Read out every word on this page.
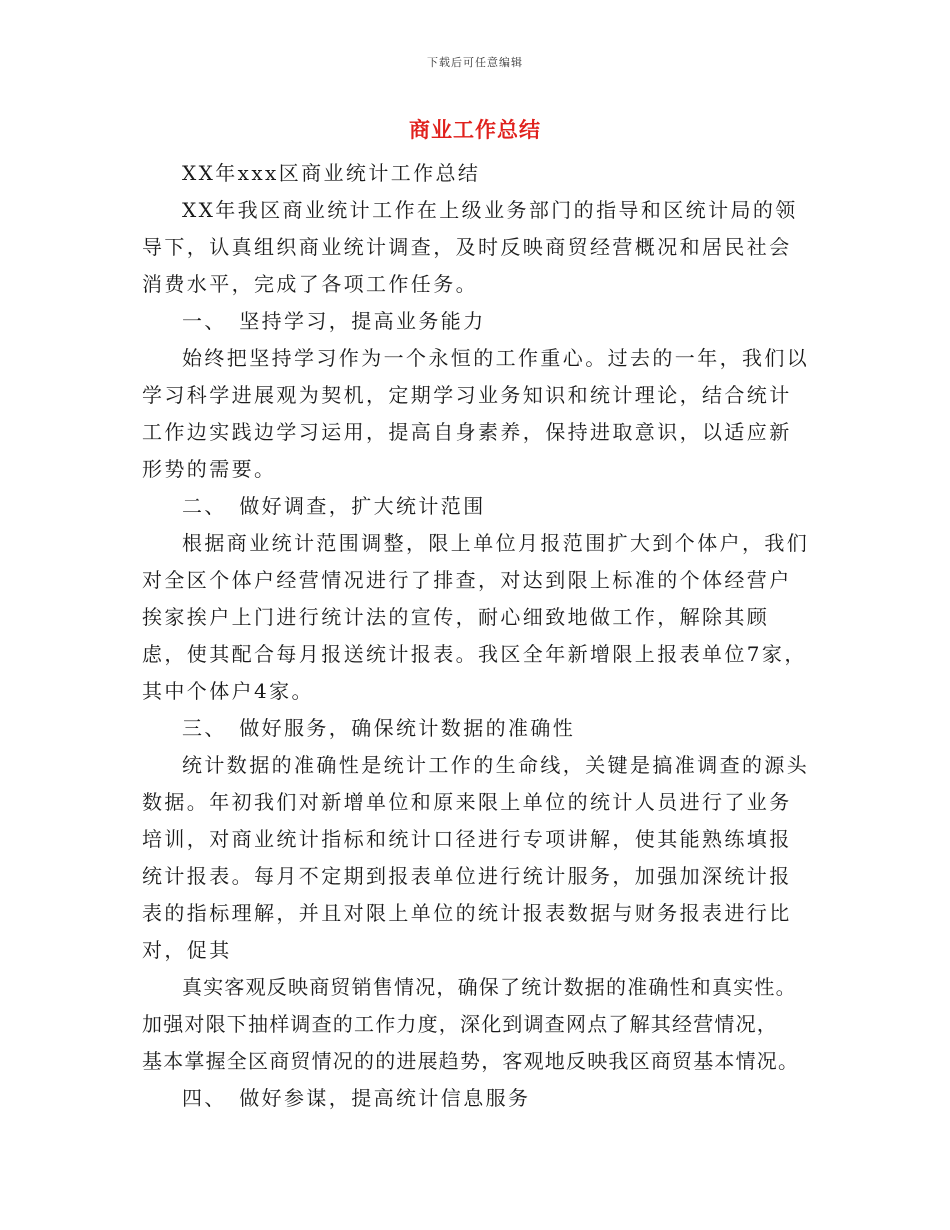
下载后可任意编辑
商业工作总结

XX年xxx区商业统计工作总结

XX年我区商业统计工作在上级业务部门的指导和区统计局的领导下，认真组织商业统计调查，及时反映商贸经营概况和居民社会消费水平，完成了各项工作任务。

一、　坚持学习，提高业务能力

始终把坚持学习作为一个永恒的工作重心。过去的一年，我们以学习科学进展观为契机，定期学习业务知识和统计理论，结合统计工作边实践边学习运用，提高自身素养，保持进取意识，以适应新形势的需要。

二、　做好调查，扩大统计范围

根据商业统计范围调整，限上单位月报范围扩大到个体户，我们对全区个体户经营情况进行了排查，对达到限上标准的个体经营户挨家挨户上门进行统计法的宣传，耐心细致地做工作，解除其顾虑，使其配合每月报送统计报表。我区全年新增限上报表单位7家，其中个体户4家。

三、　做好服务，确保统计数据的准确性

统计数据的准确性是统计工作的生命线，关键是搞准调查的源头数据。年初我们对新增单位和原来限上单位的统计人员进行了业务培训，对商业统计指标和统计口径进行专项讲解，使其能熟练填报统计报表。每月不定期到报表单位进行统计服务，加强加深统计报表的指标理解，并且对限上单位的统计报表数据与财务报表进行比对，促其

真实客观反映商贸销售情况，确保了统计数据的准确性和真实性。

加强对限下抽样调查的工作力度，深化到调查网点了解其经营情况，

基本掌握全区商贸情况的的进展趋势，客观地反映我区商贸基本情况。

四、　做好参谋，提高统计信息服务
